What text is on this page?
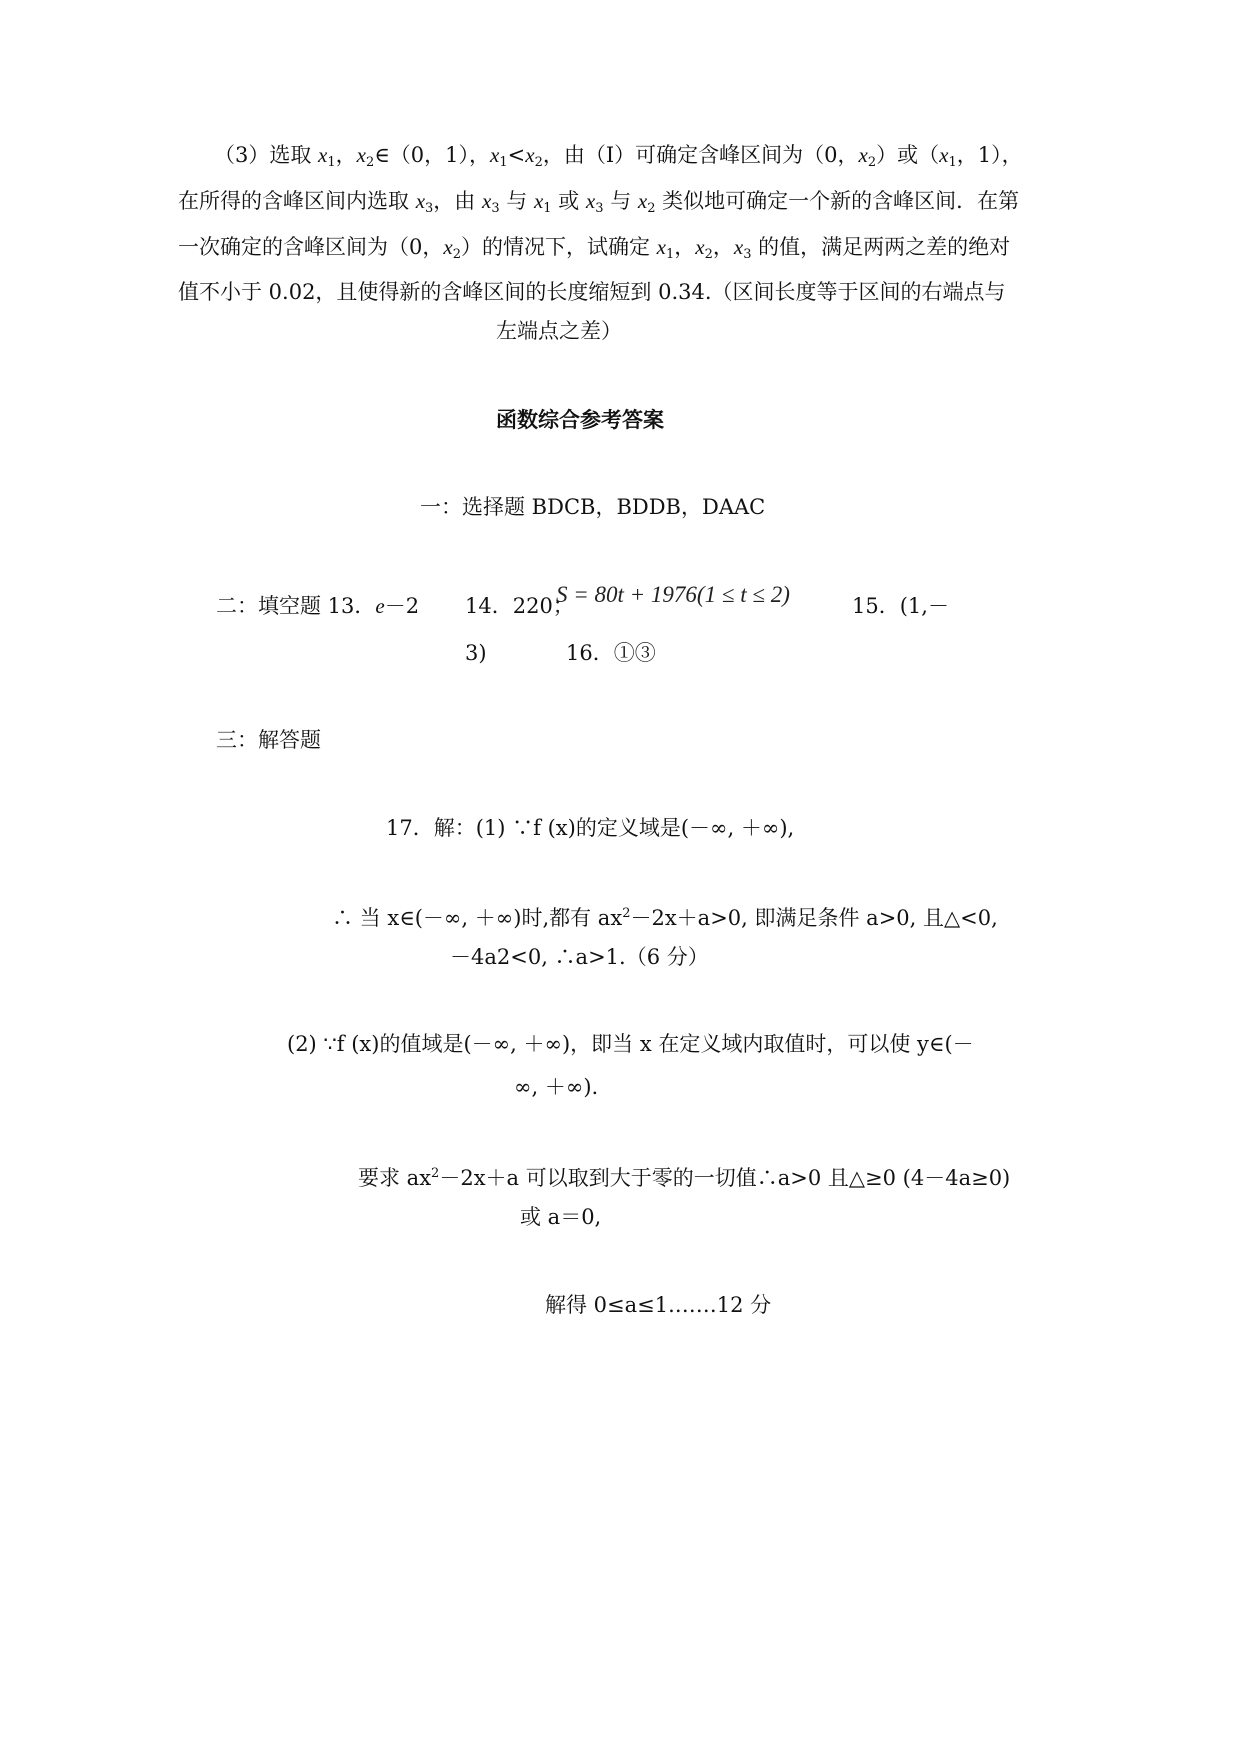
（3）选取 $x_1$，$x_2\in(0$，1），$x_1<x_2$，由（I）可确定含峰区间为（0，$x_2$）或（$x_1$，1），
在所得的含峰区间内选取 $x_3$，由 $x_3$ 与 $x_1$ 或 $x_3$ 与 $x_2$ 类似地可确定一个新的含峰区间．在第
一次确定的含峰区间为（0，$x_2$）的情况下，试确定 $x_1$，$x_2$，$x_3$ 的值，满足两两之差的绝对
值不小于 0.02，且使得新的含峰区间的长度缩短到 0.34.（区间长度等于区间的右端点与
左端点之差）
函数综合参考答案
一：选择题 BDCB，BDDB，DAAC
二：填空题 13．e－2 14．220；
S = 80t + 1976(1 ≤ t ≤ 2)	15．(1,－
3)	16．①③
三：解答题
17．解：(1) ∵f (x)的定义域是(－∞, ＋∞),
∴ 当 x∈(－∞, ＋∞)时,都有 $ax^2-2x+a>0$, 即满足条件 a>0, 且△<0,
－4a2<0, ∴a>1.（6 分）
(2) ∵f (x)的值域是(－∞, ＋∞)，即当 x 在定义域内取值时，可以使 y∈(－
∞, ＋∞).
要求 $ax^2-2x+a$ 可以取到大于零的一切值∴a>0 且△≥0 (4－4a≥0)
或 a＝0,
解得 0≤a≤1.……12 分
